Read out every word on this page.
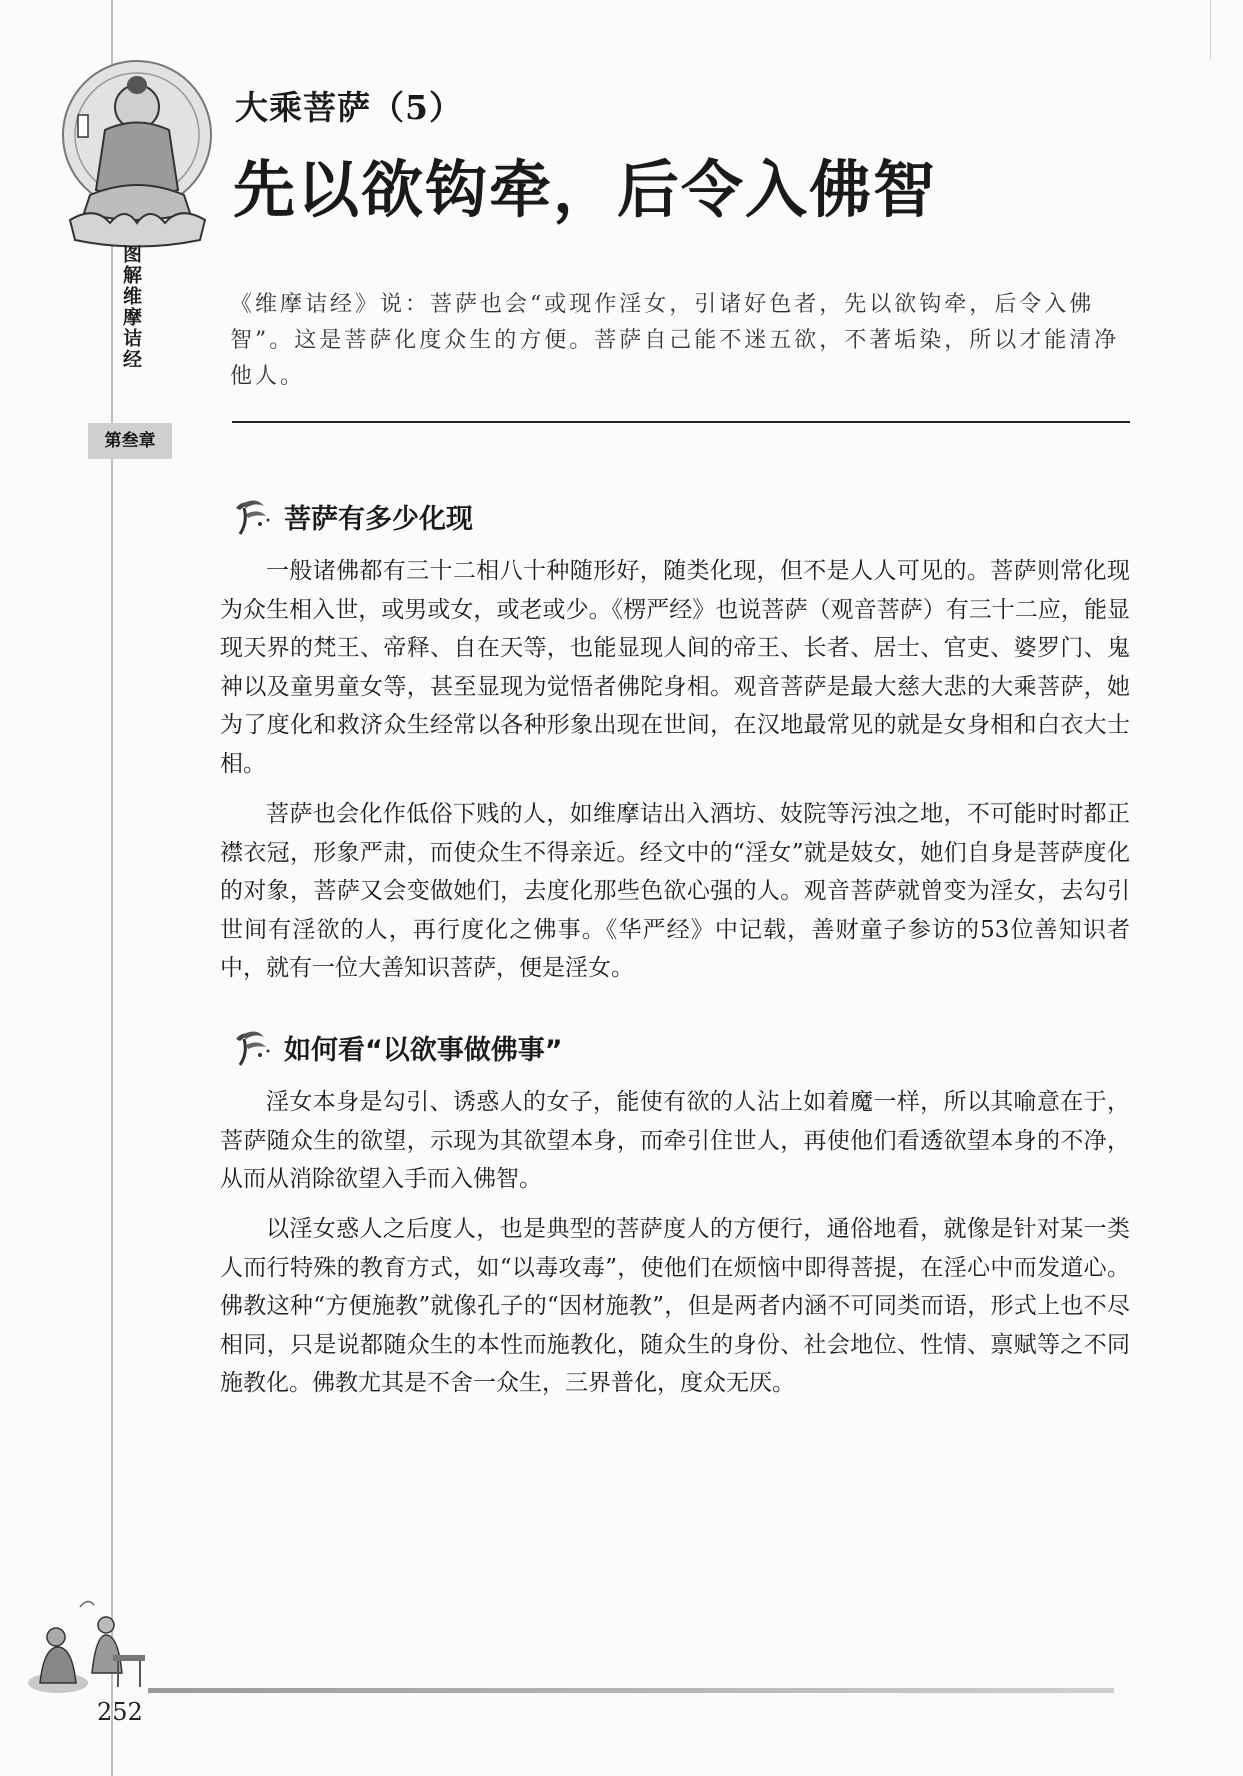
图解维摩诘经
第叁章
大乘菩萨（5）
先以欲钩牵，后令入佛智
《维摩诘经》说：菩萨也会“或现作淫女，引诸好色者，先以欲钩牵，后令入佛智”。这是菩萨化度众生的方便。菩萨自己能不迷五欲，不著垢染，所以才能清净他人。
菩萨有多少化现
一般诸佛都有三十二相八十种随形好，随类化现，但不是人人可见的。菩萨则常化现为众生相入世，或男或女，或老或少。《楞严经》也说菩萨（观音菩萨）有三十二应，能显现天界的梵王、帝释、自在天等，也能显现人间的帝王、长者、居士、官吏、婆罗门、鬼神以及童男童女等，甚至显现为觉悟者佛陀身相。观音菩萨是最大慈大悲的大乘菩萨，她为了度化和救济众生经常以各种形象出现在世间，在汉地最常见的就是女身相和白衣大士相。
菩萨也会化作低俗下贱的人，如维摩诘出入酒坊、妓院等污浊之地，不可能时时都正襟衣冠，形象严肃，而使众生不得亲近。经文中的“淫女”就是妓女，她们自身是菩萨度化的对象，菩萨又会变做她们，去度化那些色欲心强的人。观音菩萨就曾变为淫女，去勾引世间有淫欲的人，再行度化之佛事。《华严经》中记载，善财童子参访的53位善知识者中，就有一位大善知识菩萨，便是淫女。
如何看“以欲事做佛事”
淫女本身是勾引、诱惑人的女子，能使有欲的人沾上如着魔一样，所以其喻意在于，菩萨随众生的欲望，示现为其欲望本身，而牵引住世人，再使他们看透欲望本身的不净，从而从消除欲望入手而入佛智。
以淫女惑人之后度人，也是典型的菩萨度人的方便行，通俗地看，就像是针对某一类人而行特殊的教育方式，如“以毒攻毒”，使他们在烦恼中即得菩提，在淫心中而发道心。佛教这种“方便施教”就像孔子的“因材施教”，但是两者内涵不可同类而语，形式上也不尽相同，只是说都随众生的本性而施教化，随众生的身份、社会地位、性情、禀赋等之不同施教化。佛教尤其是不舍一众生，三界普化，度众无厌。
252
